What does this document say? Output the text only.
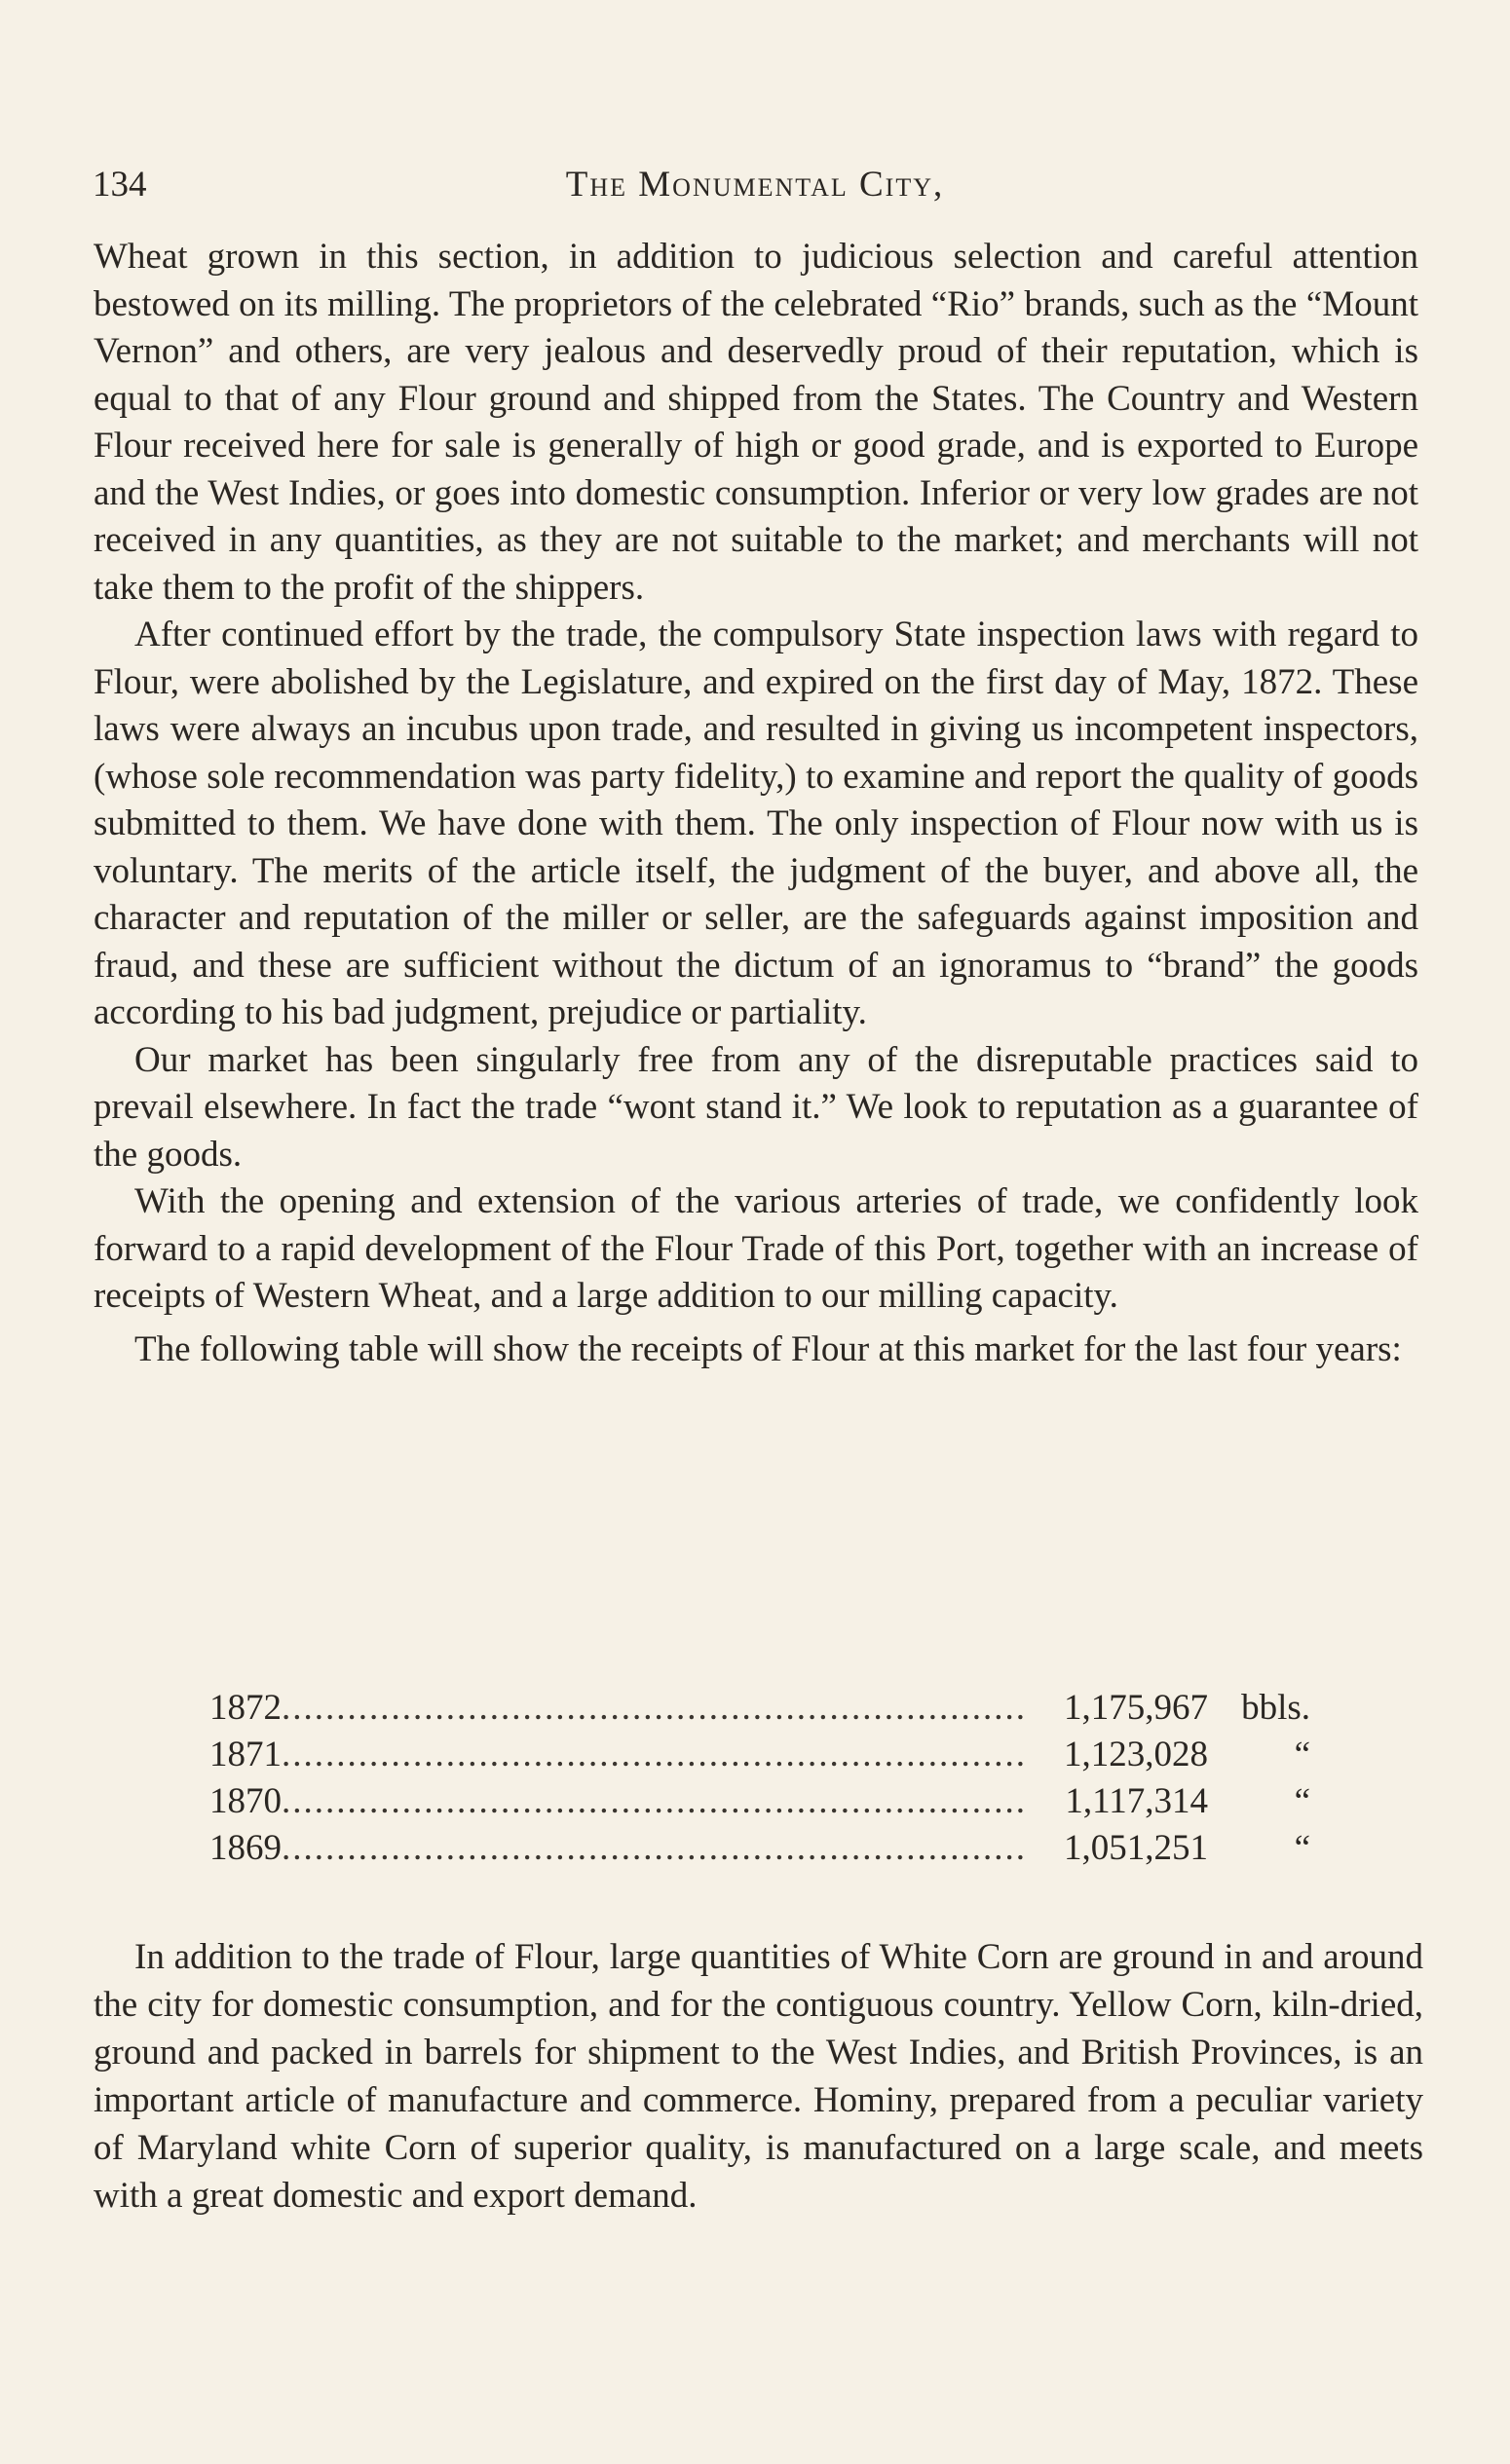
134	The Monumental City,

Wheat grown in this section, in addition to judicious selection and careful attention bestowed on its milling. The proprietors of the celebrated “Rio” brands, such as the “Mount Vernon” and others, are very jealous and deservedly proud of their reputation, which is equal to that of any Flour ground and shipped from the States. The Country and Western Flour received here for sale is generally of high or good grade, and is exported to Europe and the West Indies, or goes into domestic consumption. Inferior or very low grades are not received in any quantities, as they are not suitable to the market; and merchants will not take them to the profit of the shippers.

After continued effort by the trade, the compulsory State inspection laws with regard to Flour, were abolished by the Legislature, and expired on the first day of May, 1872. These laws were always an incubus upon trade, and resulted in giving us incompetent inspectors, (whose sole recommendation was party fidelity,) to examine and report the quality of goods submitted to them. We have done with them. The only inspection of Flour now with us is voluntary. The merits of the article itself, the judgment of the buyer, and above all, the character and reputation of the miller or seller, are the safeguards against imposition and fraud, and these are sufficient without the dictum of an ignoramus to “brand” the goods according to his bad judgment, prejudice or partiality.

Our market has been singularly free from any of the disreputable practices said to prevail elsewhere. In fact the trade “wont stand it.” We look to reputation as a guarantee of the goods.

With the opening and extension of the various arteries of trade, we confidently look forward to a rapid development of the Flour Trade of this Port, together with an increase of receipts of Western Wheat, and a large addition to our milling capacity.

The following table will show the receipts of Flour at this market for the last four years:

1872 .....	1,175,967 bbls.
1871 .....	1,123,028	“
1870 .....	1,117,314	“
1869 .....	1,051,251	“

In addition to the trade of Flour, large quantities of White Corn are ground in and around the city for domestic consumption, and for the contiguous country. Yellow Corn, kiln-dried, ground and packed in barrels for shipment to the West Indies, and British Provinces, is an important article of manufacture and commerce. Hominy, prepared from a peculiar variety of Maryland white Corn of superior quality, is manufactured on a large scale, and meets with a great domestic and export demand.
